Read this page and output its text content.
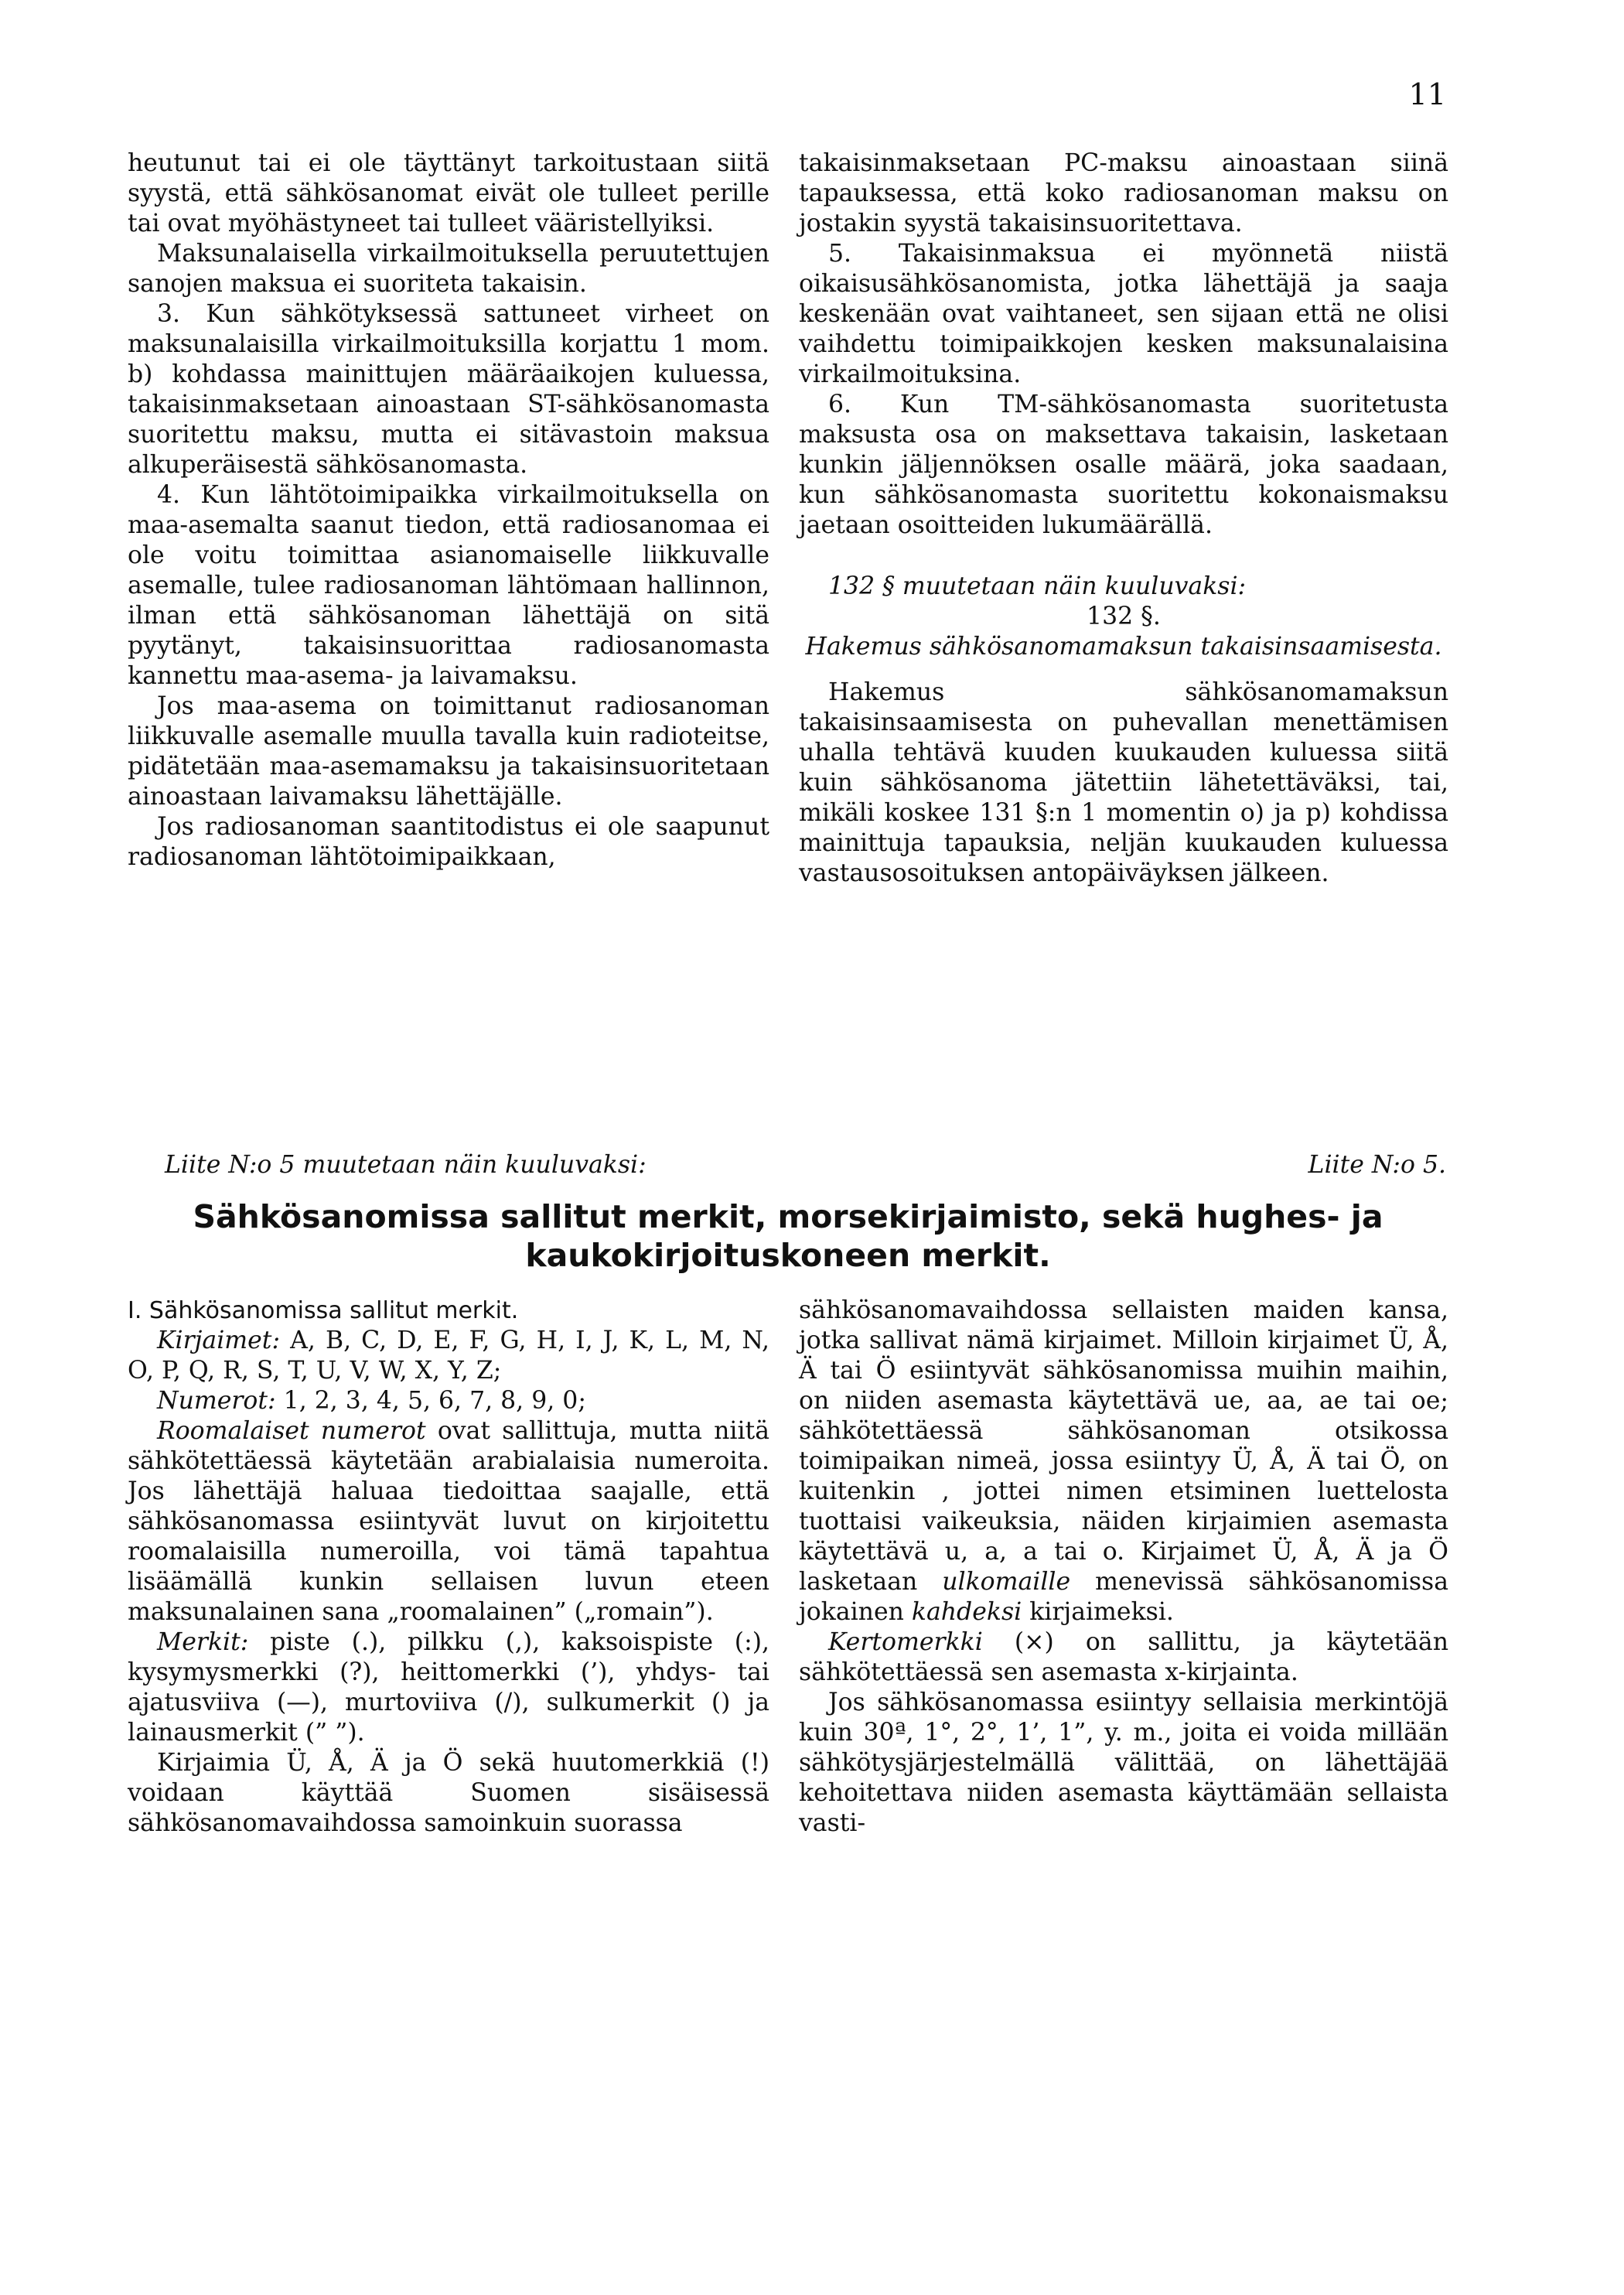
11

heutunut tai ei ole täyttänyt tarkoitustaan siitä syystä, että sähkösanomat eivät ole tulleet perille tai ovat myöhästyneet tai tulleet vääristellyiksi.

Maksunalaisella virkailmoituksella peruutettujen sanojen maksua ei suoriteta takaisin.

3. Kun sähkötyksessä sattuneet virheet on maksunalaisilla virkailmoituksilla korjattu 1 mom. b) kohdassa mainittujen määräaikojen kuluessa, takaisinmaksetaan ainoastaan ST-sähkösanomasta suoritettu maksu, mutta ei sitävastoin maksua alkuperäisestä sähkösanomasta.

4. Kun lähtötoimipaikka virkailmoituksella on maa-asemalta saanut tiedon, että radiosanomaa ei ole voitu toimittaa asianomaiselle liikkuvalle asemalle, tulee radiosanoman lähtömaan hallinnon, ilman että sähkösanoman lähettäjä on sitä pyytänyt, takaisinsuorittaa radiosanomasta kannettu maa-asema- ja laivamaksu.

Jos maa-asema on toimittanut radiosanoman liikkuvalle asemalle muulla tavalla kuin radioteitse, pidätetään maa-asemamaksu ja takaisinsuoritetaan ainoastaan laivamaksu lähettäjälle.

Jos radiosanoman saantitodistus ei ole saapunut radiosanoman lähtötoimipaikkaan,

takaisinmaksetaan PC-maksu ainoastaan siinä tapauksessa, että koko radiosanoman maksu on jostakin syystä takaisinsuoritettava.

5. Takaisinmaksua ei myönnetä niistä oikaisusähkösanomista, jotka lähettäjä ja saaja keskenään ovat vaihtaneet, sen sijaan että ne olisi vaihdettu toimipaikkojen kesken maksunalaisina virkailmoituksina.

6. Kun TM-sähkösanomasta suoritetusta maksusta osa on maksettava takaisin, lasketaan kunkin jäljennöksen osalle määrä, joka saadaan, kun sähkösanomasta suoritettu kokonaismaksu jaetaan osoitteiden lukumäärällä.

132 § muutetaan näin kuuluvaksi:

132 §.

Hakemus sähkösanomamaksun takaisinsaamisesta.

Hakemus sähkösanomamaksun takaisinsaamisesta on puhevallan menettämisen uhalla tehtävä kuuden kuukauden kuluessa siitä kuin sähkösanoma jätettiin lähetettäväksi, tai, mikäli koskee 131 §:n 1 momentin o) ja p) kohdissa mainittuja tapauksia, neljän kuukauden kuluessa vastausosoituksen antopäiväyksen jälkeen.

Liite N:o 5 muutetaan näin kuuluvaksi:	Liite N:o 5.
Sähkösanomissa sallitut merkit, morsekirjaimisto, sekä hughes- ja kaukokirjoituskoneen merkit.

I. Sähkösanomissa sallitut merkit.

Kirjaimet: A, B, C, D, E, F, G, H, I, J, K, L, M, N, O, P, Q, R, S, T, U, V, W, X, Y, Z;

Numerot: 1, 2, 3, 4, 5, 6, 7, 8, 9, 0;

Roomalaiset numerot ovat sallittuja, mutta niitä sähkötettäessä käytetään arabialaisia numeroita. Jos lähettäjä haluaa tiedoittaa saajalle, että sähkösanomassa esiintyvät luvut on kirjoitettu roomalaisilla numeroilla, voi tämä tapahtua lisäämällä kunkin sellaisen luvun eteen maksunalainen sana „roomalainen” („romain”).

Merkit: piste (.), pilkku (,), kaksoispiste (:), kysymysmerkki (?), heittomerkki (’), yhdys- tai ajatusviiva (—), murtoviiva (/), sulkumerkit () ja lainausmerkit (” ”).

Kirjaimia Ü, Å, Ä ja Ö sekä huutomerkkiä (!) voidaan käyttää Suomen sisäisessä sähkösanomavaihdossa samoinkuin suorassa

sähkösanomavaihdossa sellaisten maiden kansa, jotka sallivat nämä kirjaimet. Milloin kirjaimet Ü, Å, Ä tai Ö esiintyvät sähkösanomissa muihin maihin, on niiden asemasta käytettävä ue, aa, ae tai oe; sähkötettäessä sähkösanoman otsikossa toimipaikan nimeä, jossa esiintyy Ü, Å, Ä tai Ö, on kuitenkin , jottei nimen etsiminen luettelosta tuottaisi vaikeuksia, näiden kirjaimien asemasta käytettävä u, a, a tai o. Kirjaimet Ü, Å, Ä ja Ö lasketaan ulkomaille menevissä sähkösanomissa jokainen kahdeksi kirjaimeksi.

Kertomerkki (×) on sallittu, ja käytetään sähkötettäessä sen asemasta x-kirjainta.

Jos sähkösanomassa esiintyy sellaisia merkintöjä kuin 30ª, 1°, 2°, 1’, 1”, y. m., joita ei voida millään sähkötysjärjestelmällä välittää, on lähettäjää kehoitettava niiden asemasta käyttämään sellaista vasti-
